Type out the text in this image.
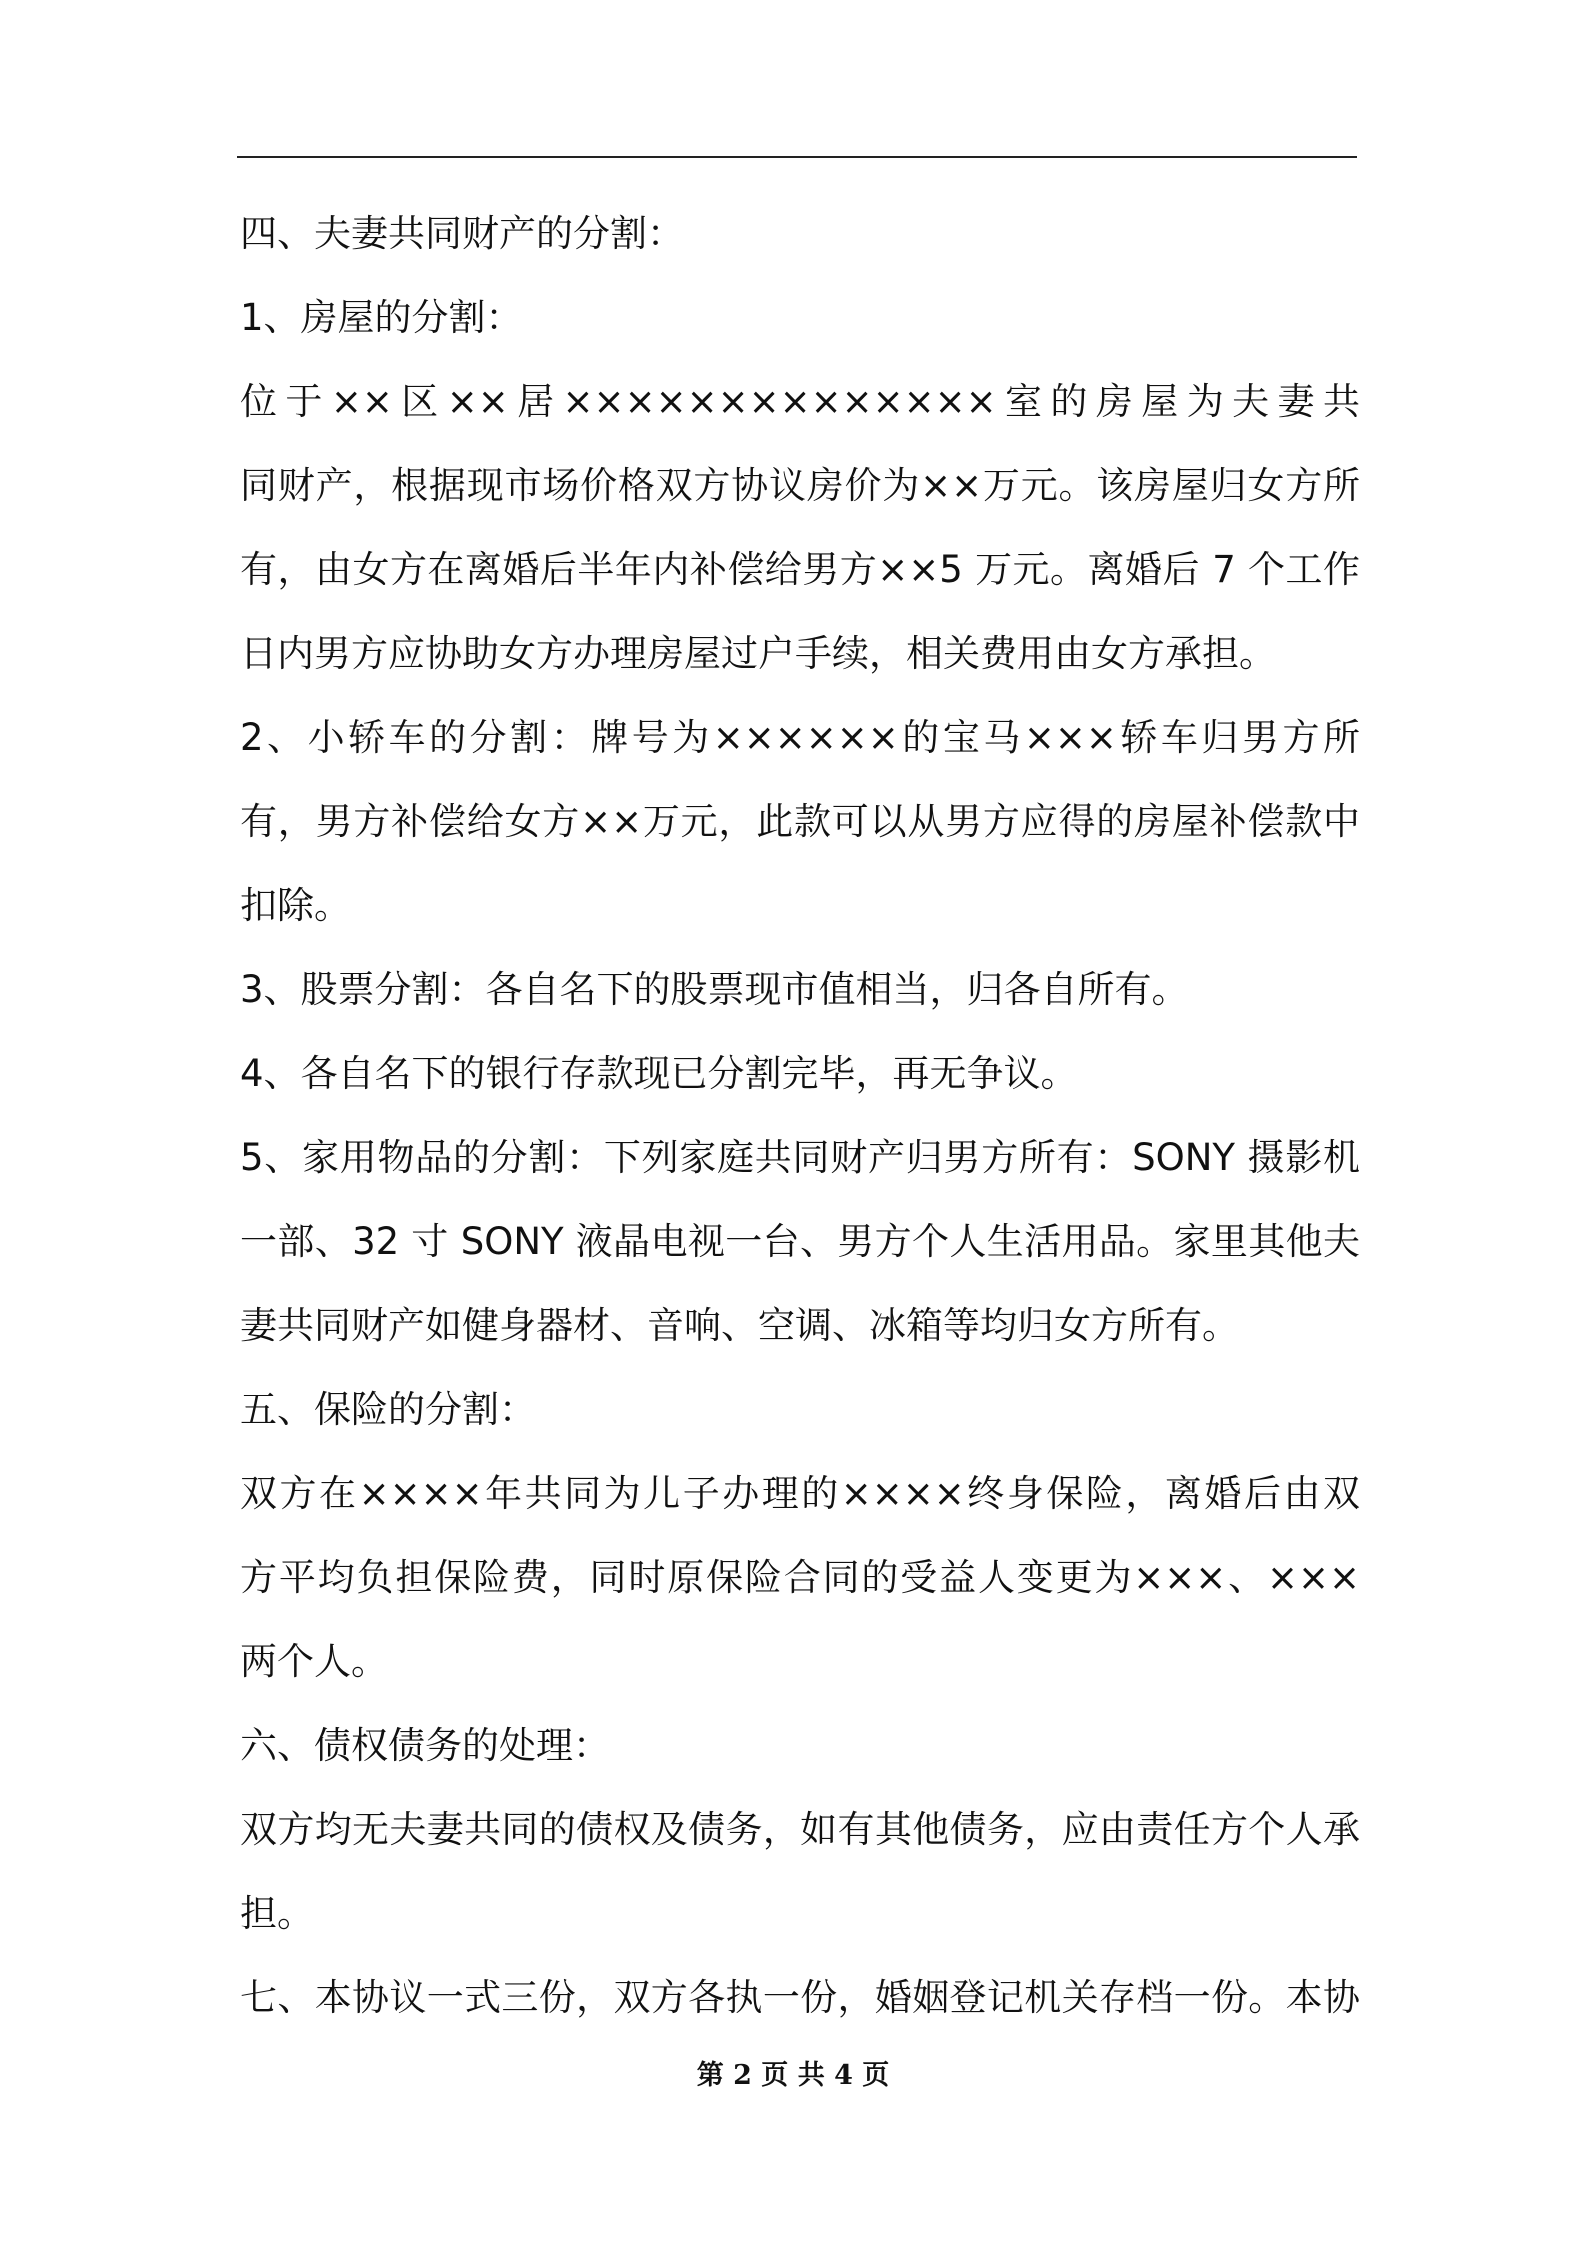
四、夫妻共同财产的分割：
1、房屋的分割：
位于××区××居××××××××××××××室的房屋为夫妻共
同财产，根据现市场价格双方协议房价为××万元。该房屋归女方所
有，由女方在离婚后半年内补偿给男方××5 万元。离婚后 7 个工作
日内男方应协助女方办理房屋过户手续，相关费用由女方承担。
2、小轿车的分割：牌号为××××××的宝马×××轿车归男方所
有，男方补偿给女方××万元，此款可以从男方应得的房屋补偿款中
扣除。
3、股票分割：各自名下的股票现市值相当，归各自所有。
4、各自名下的银行存款现已分割完毕，再无争议。
5、家用物品的分割：下列家庭共同财产归男方所有：SONY 摄影机
一部、32 寸 SONY 液晶电视一台、男方个人生活用品。家里其他夫
妻共同财产如健身器材、音响、空调、冰箱等均归女方所有。
五、保险的分割：
双方在××××年共同为儿子办理的××××终身保险，离婚后由双
方平均负担保险费，同时原保险合同的受益人变更为×××、×××
两个人。
六、债权债务的处理：
双方均无夫妻共同的债权及债务，如有其他债务，应由责任方个人承
担。
七、本协议一式三份，双方各执一份，婚姻登记机关存档一份。本协
第 2 页 共 4 页
